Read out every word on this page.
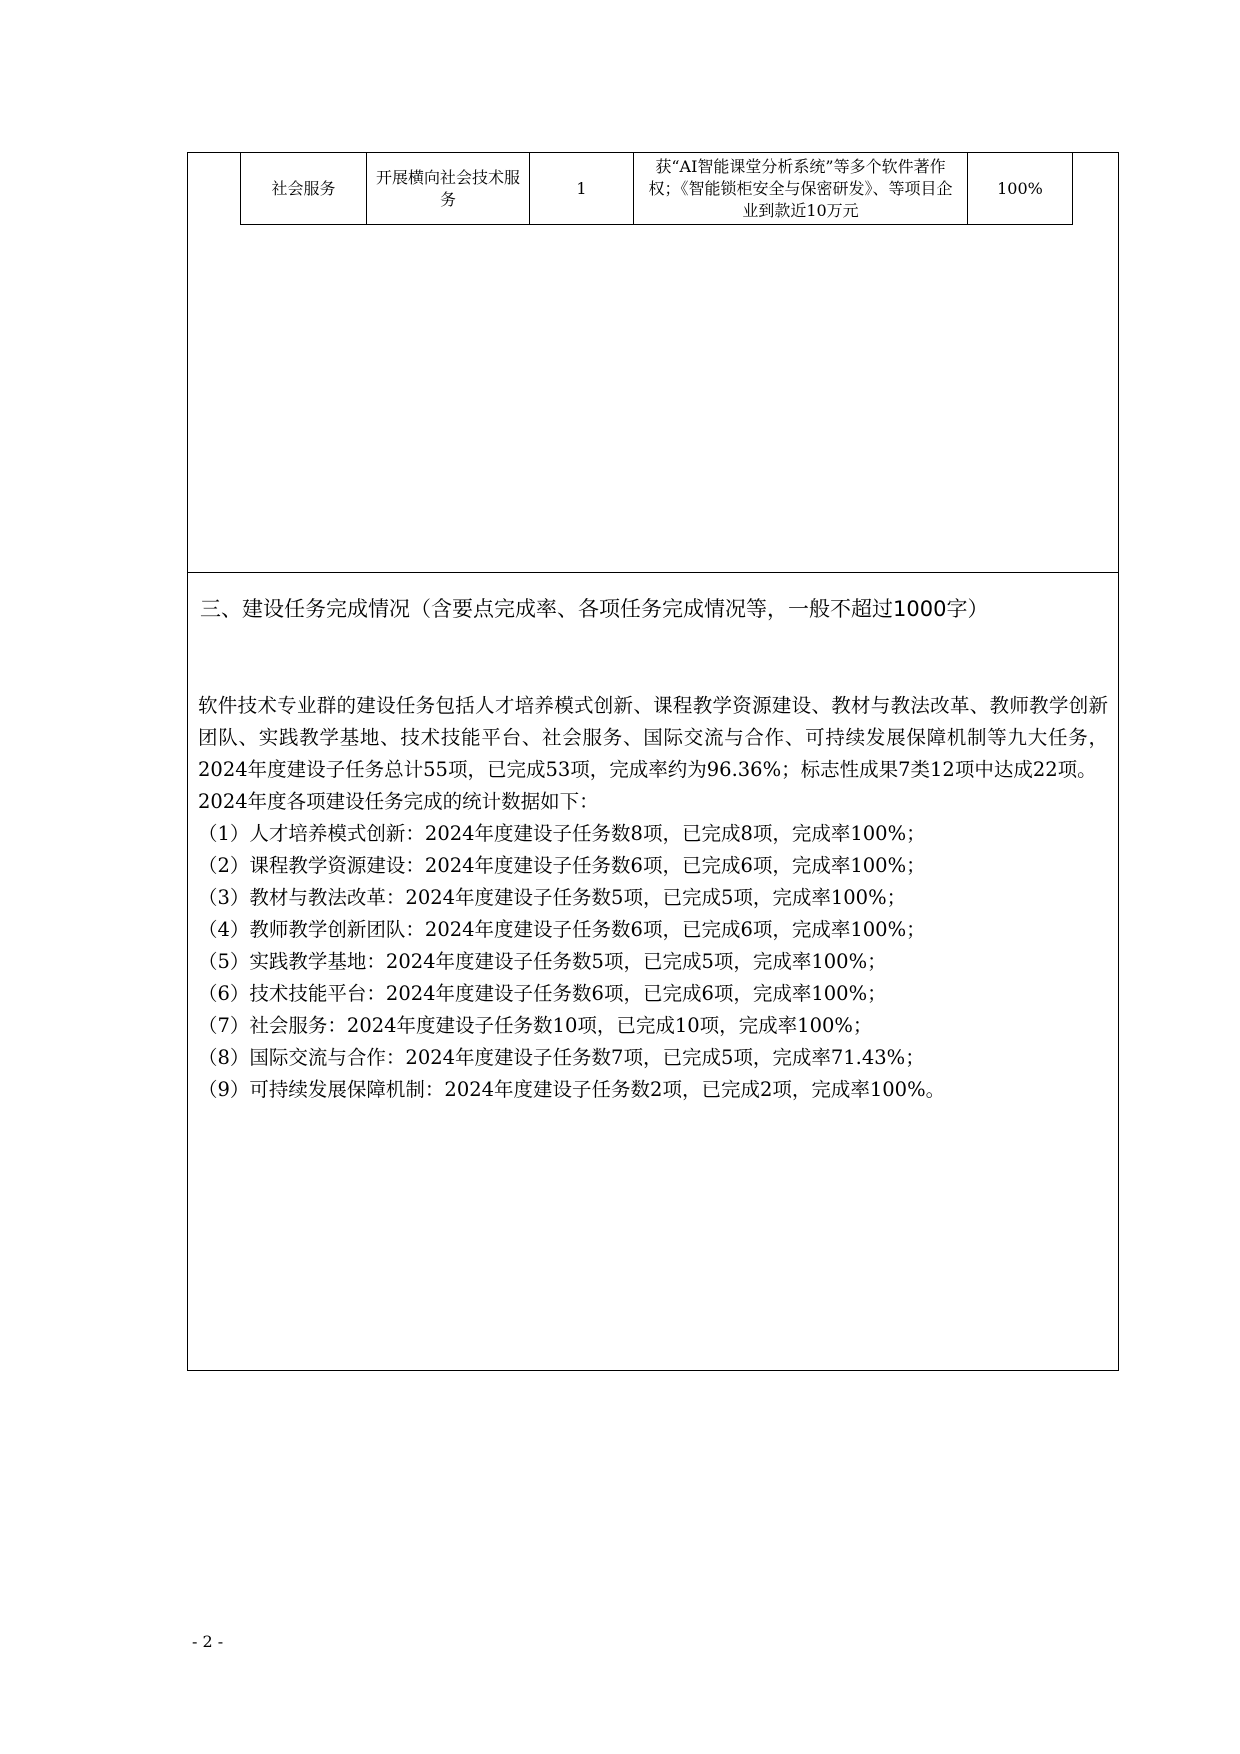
社会服务	开展横向社会技术服务	1	获“AI智能课堂分析系统”等多个软件著作权；《智能锁柜安全与保密研发》、等项目企业到款近10万元	100%
三、建设任务完成情况（含要点完成率、各项任务完成情况等，一般不超过1000字）

软件技术专业群的建设任务包括人才培养模式创新、课程教学资源建设、教材与教法改革、教师教学创新团队、实践教学基地、技术技能平台、社会服务、国际交流与合作、可持续发展保障机制等九大任务，2024年度建设子任务总计55项，已完成53项，完成率约为96.36%；标志性成果7类12项中达成22项。

2024年度各项建设任务完成的统计数据如下：

（1）人才培养模式创新：2024年度建设子任务数8项，已完成8项，完成率100%；

（2）课程教学资源建设：2024年度建设子任务数6项，已完成6项，完成率100%；

（3）教材与教法改革：2024年度建设子任务数5项，已完成5项，完成率100%；

（4）教师教学创新团队：2024年度建设子任务数6项，已完成6项，完成率100%；

（5）实践教学基地：2024年度建设子任务数5项，已完成5项，完成率100%；

（6）技术技能平台：2024年度建设子任务数6项，已完成6项，完成率100%；

（7）社会服务：2024年度建设子任务数10项，已完成10项，完成率100%；

（8）国际交流与合作：2024年度建设子任务数7项，已完成5项，完成率71.43%；

（9）可持续发展保障机制：2024年度建设子任务数2项，已完成2项，完成率100%。

- 2 -
